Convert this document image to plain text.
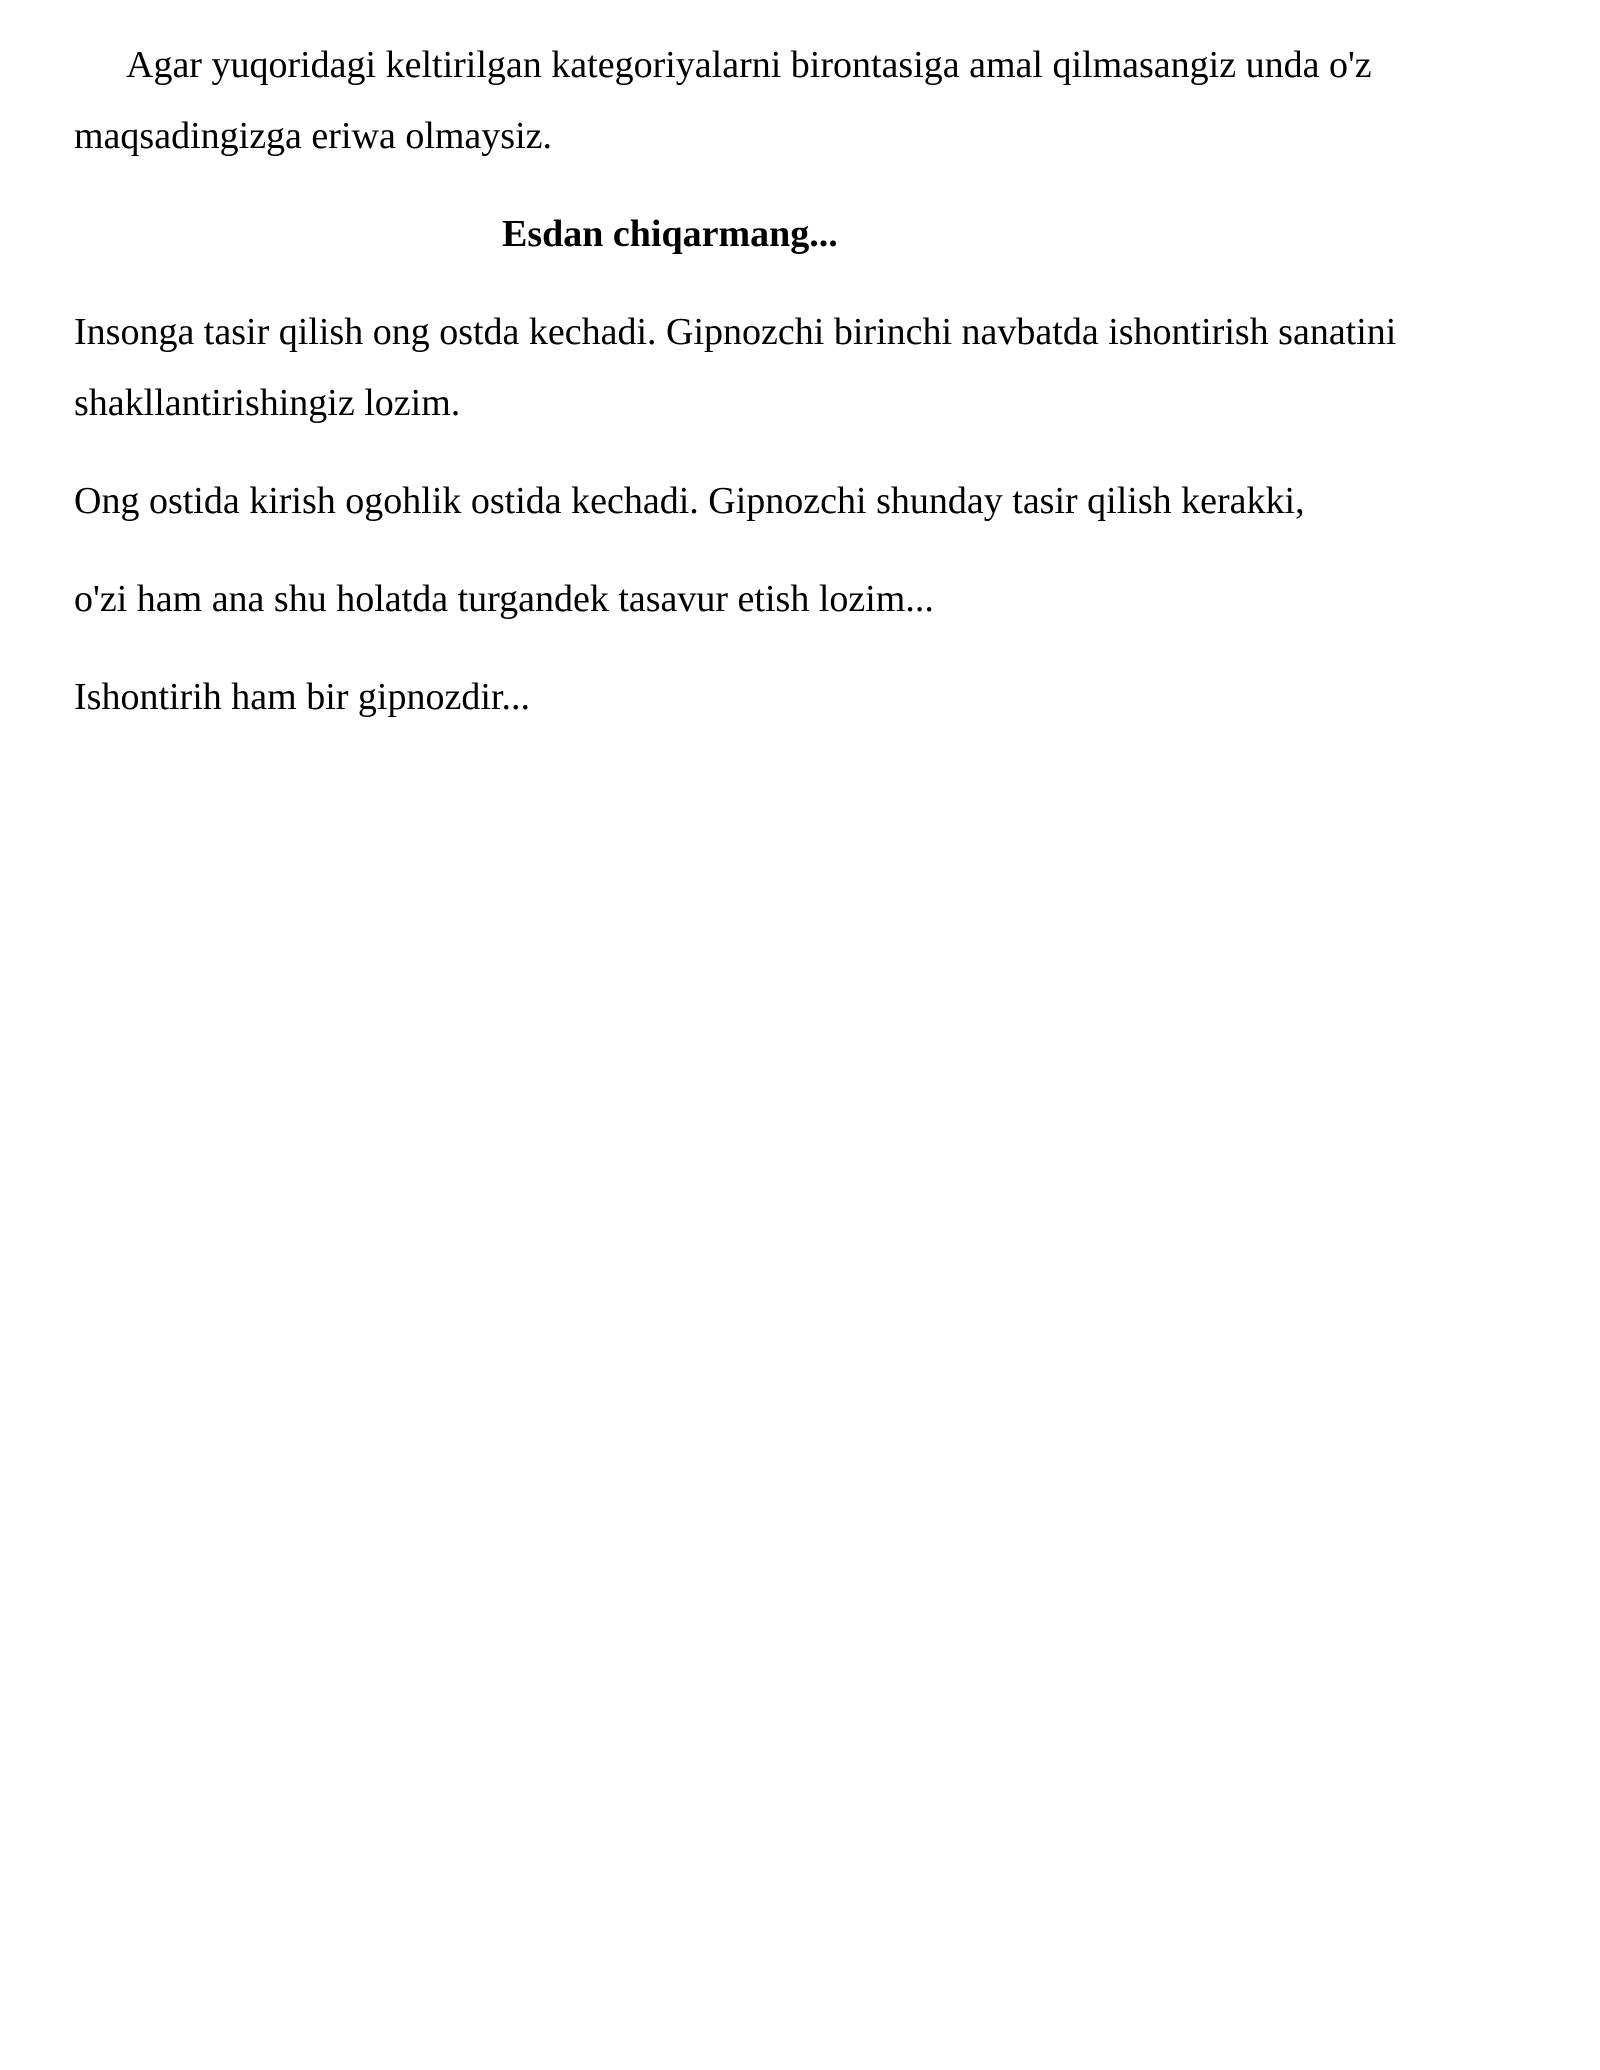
Agar yuqoridagi keltirilgan kategoriyalarni birontasiga amal qilmasangiz unda o'z
maqsadingizga eriwa olmaysiz.
Esdan chiqarmang...
Insonga tasir qilish ong ostda kechadi. Gipnozchi birinchi navbatda ishontirish sanatini
shakllantirishingiz lozim.
Ong ostida kirish ogohlik ostida kechadi. Gipnozchi shunday tasir qilish kerakki,
o'zi ham ana shu holatda turgandek tasavur etish lozim...
Ishontirih ham bir gipnozdir...
